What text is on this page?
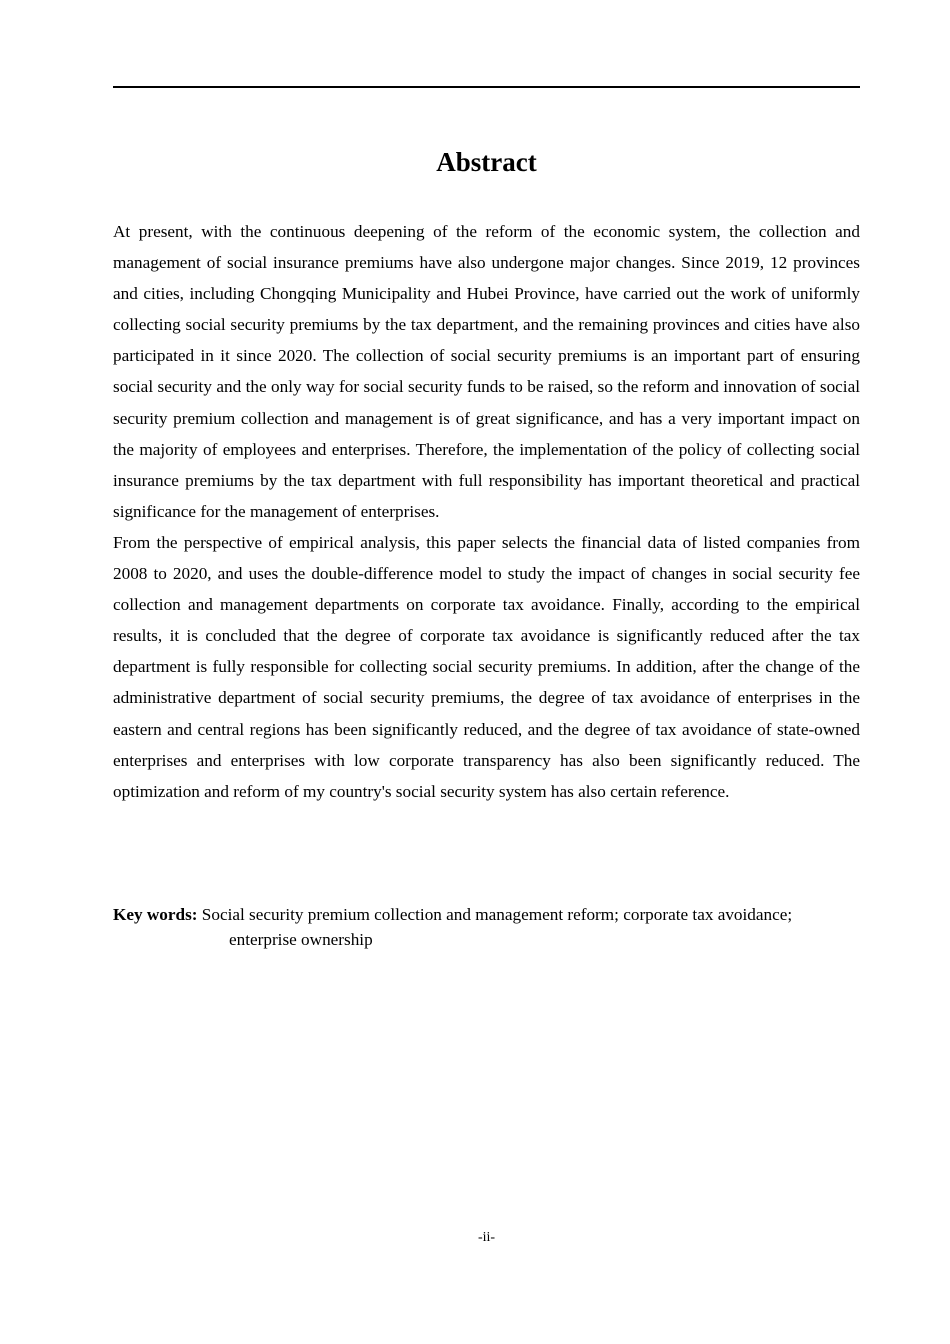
Abstract

At present, with the continuous deepening of the reform of the economic system, the collection and management of social insurance premiums have also undergone major changes. Since 2019, 12 provinces and cities, including Chongqing Municipality and Hubei Province, have carried out the work of uniformly collecting social security premiums by the tax department, and the remaining provinces and cities have also participated in it since 2020. The collection of social security premiums is an important part of ensuring social security and the only way for social security funds to be raised, so the reform and innovation of social security premium collection and management is of great significance, and has a very important impact on the majority of employees and enterprises. Therefore, the implementation of the policy of collecting social insurance premiums by the tax department with full responsibility has important theoretical and practical significance for the management of enterprises.

From the perspective of empirical analysis, this paper selects the financial data of listed companies from 2008 to 2020, and uses the double-difference model to study the impact of changes in social security fee collection and management departments on corporate tax avoidance. Finally, according to the empirical results, it is concluded that the degree of corporate tax avoidance is significantly reduced after the tax department is fully responsible for collecting social security premiums. In addition, after the change of the administrative department of social security premiums, the degree of tax avoidance of enterprises in the eastern and central regions has been significantly reduced, and the degree of tax avoidance of state-owned enterprises and enterprises with low corporate transparency has also been significantly reduced. The optimization and reform of my country's social security system has also certain reference.

Key words: Social security premium collection and management reform; corporate tax avoidance;
enterprise ownership
-ii-
